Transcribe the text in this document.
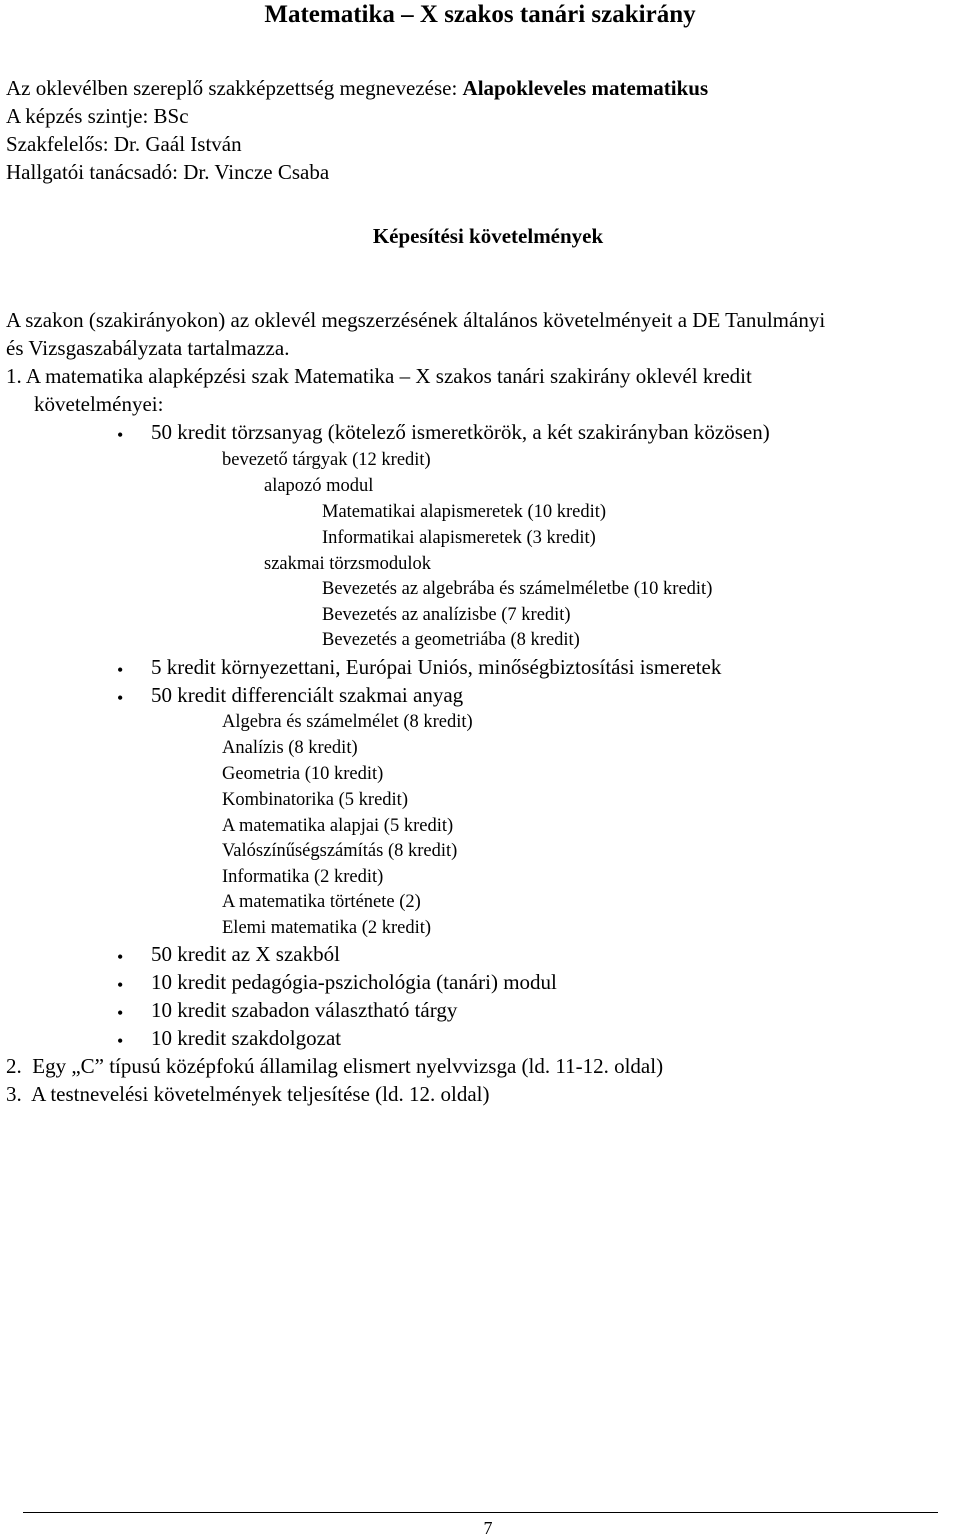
Matematika – X szakos tanári szakirány
Az oklevélben szereplő szakképzettség megnevezése: Alapokleveles matematikus
A képzés szintje: BSc
Szakfelelős: Dr. Gaál István
Hallgatói tanácsadó: Dr. Vincze Csaba
Képesítési követelmények
A szakon (szakirányokon) az oklevél megszerzésének általános követelményeit a DE Tanulmányi
és Vizsgaszabályzata tartalmazza.
1. A matematika alapképzési szak Matematika – X szakos tanári szakirány oklevél kredit
követelményei:
• 50 kredit törzsanyag (kötelező ismeretkörök, a két szakirányban közösen)
bevezető tárgyak (12 kredit)
alapozó modul
Matematikai alapismeretek (10 kredit)
Informatikai alapismeretek (3 kredit)
szakmai törzsmodulok
Bevezetés az algebrába és számelméletbe (10 kredit)
Bevezetés az analízisbe (7 kredit)
Bevezetés a geometriába (8 kredit)
• 5 kredit környezettani, Európai Uniós, minőségbiztosítási ismeretek
• 50 kredit differenciált szakmai anyag
Algebra és számelmélet (8 kredit)
Analízis (8 kredit)
Geometria (10 kredit)
Kombinatorika (5 kredit)
A matematika alapjai (5 kredit)
Valószínűségszámítás (8 kredit)
Informatika (2 kredit)
A matematika története (2)
Elemi matematika (2 kredit)
• 50 kredit az X szakból
• 10 kredit pedagógia-pszichológia (tanári) modul
• 10 kredit szabadon választható tárgy
• 10 kredit szakdolgozat
2.  Egy „C” típusú középfokú államilag elismert nyelvvizsga (ld. 11-12. oldal)
3.  A testnevelési követelmények teljesítése (ld. 12. oldal)
7
